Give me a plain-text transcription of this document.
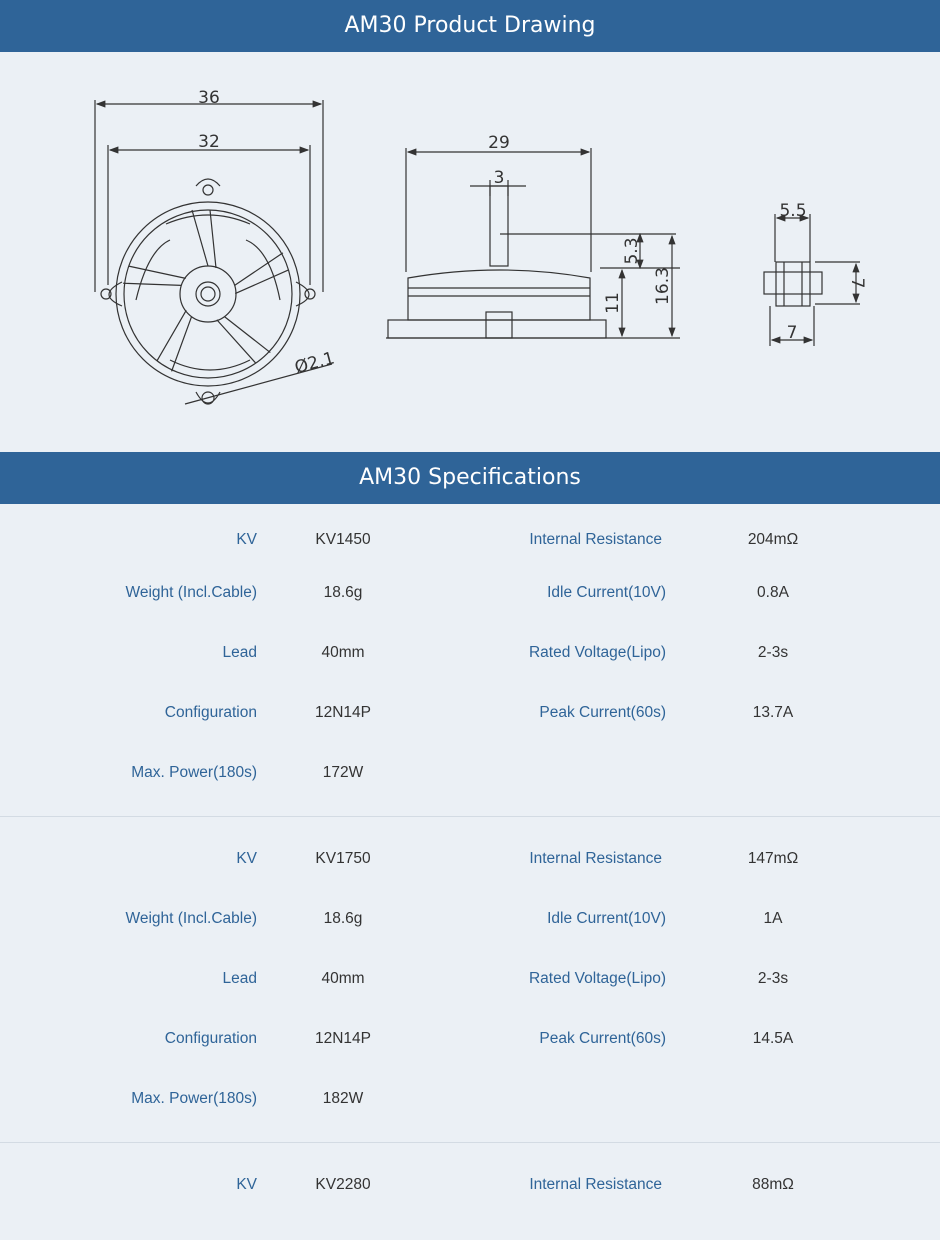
AM30 Product Drawing
36
32
Ø2.1
29
3
5.3
11 16.3
5.5
7
7
AM30 Specifications
KV	KV1450	Internal Resistance	204mΩ
Weight (Incl.Cable)	18.6g	Idle Current(10V)	0.8A
Lead	40mm	Rated Voltage(Lipo)	2-3s
Configuration	12N14P	Peak Current(60s)	13.7A
Max. Power(180s)	172W
KV	KV1750	Internal Resistance	147mΩ
Weight (Incl.Cable)	18.6g	Idle Current(10V)	1A
Lead	40mm	Rated Voltage(Lipo)	2-3s
Configuration	12N14P	Peak Current(60s)	14.5A
Max. Power(180s)	182W
KV	KV2280	Internal Resistance	88mΩ
